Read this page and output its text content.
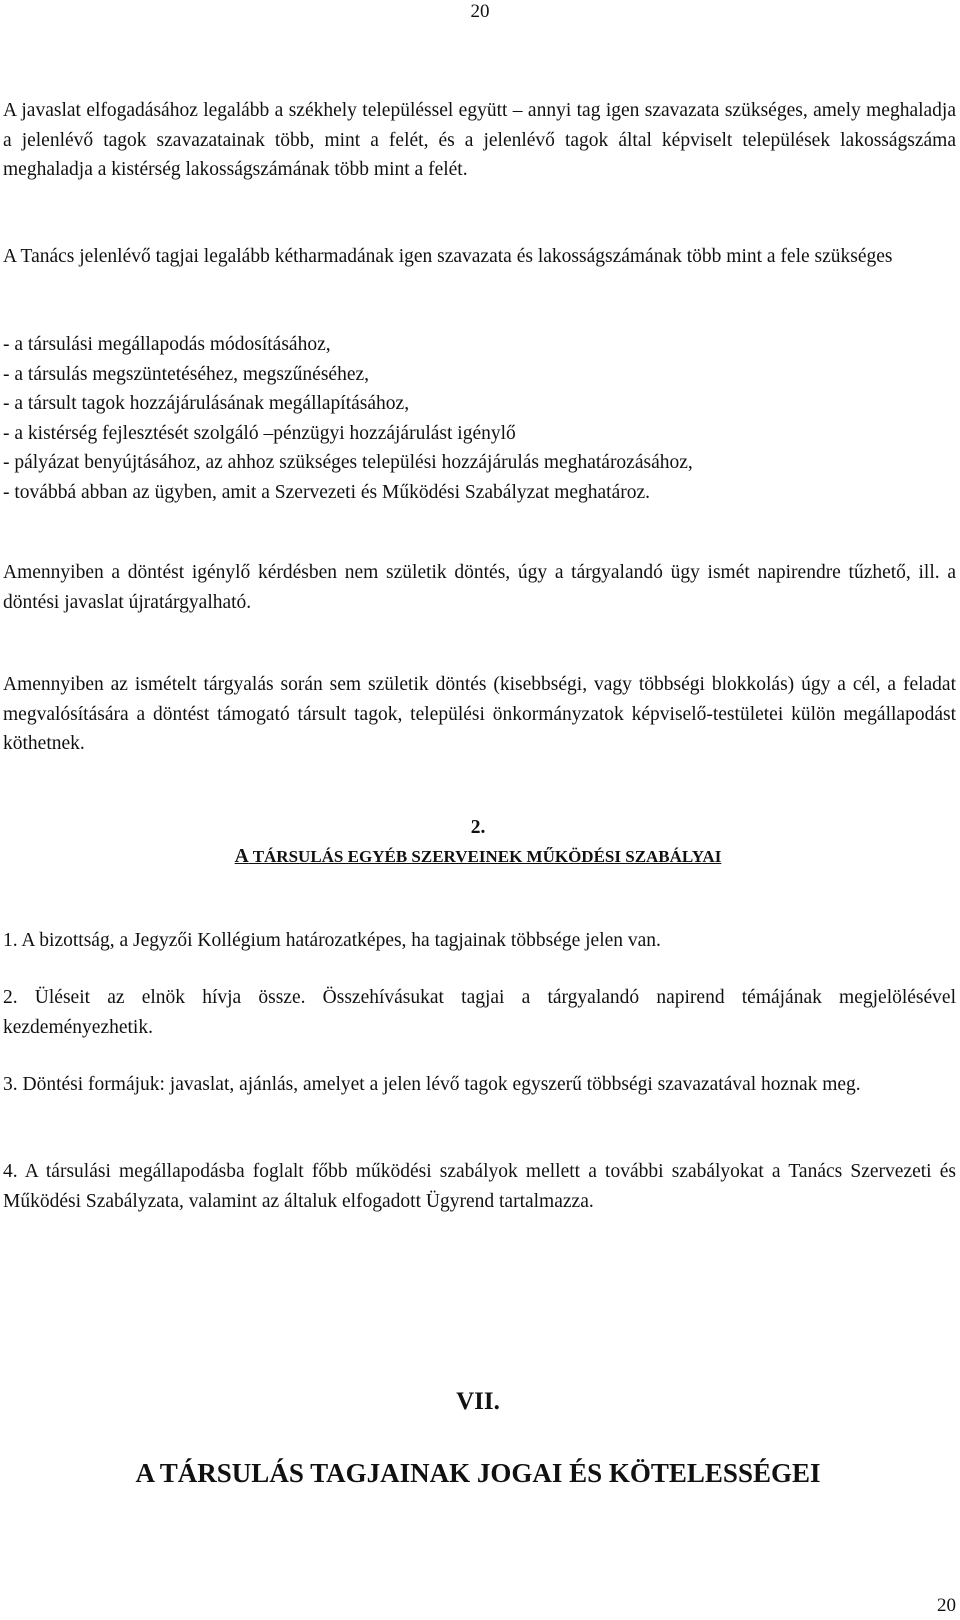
20

A javaslat elfogadásához legalább a székhely településsel együtt – annyi tag igen szavazata szükséges, amely meghaladja a jelenlévő tagok szavazatainak több, mint a felét, és a jelenlévő tagok által képviselt települések lakosságszáma meghaladja a kistérség lakosságszámának több mint a felét.

A Tanács jelenlévő tagjai legalább kétharmadának igen szavazata és lakosságszámának több mint a fele szükséges

- a társulási megállapodás módosításához,
- a társulás megszüntetéséhez, megszűnéséhez,
- a társult tagok hozzájárulásának megállapításához,
- a kistérség fejlesztését szolgáló –pénzügyi hozzájárulást igénylő
- pályázat benyújtásához, az ahhoz szükséges települési hozzájárulás meghatározásához,
- továbbá abban az ügyben, amit a Szervezeti és Működési Szabályzat meghatároz.

Amennyiben a döntést igénylő kérdésben nem születik döntés, úgy a tárgyalandó ügy ismét napirendre tűzhető, ill. a döntési javaslat újratárgyalható.

Amennyiben az ismételt tárgyalás során sem születik döntés (kisebbségi, vagy többségi blokkolás) úgy a cél, a feladat megvalósítására a döntést támogató társult tagok, települési önkormányzatok képviselő-testületei külön megállapodást köthetnek.

2.
A TÁRSULÁS EGYÉB SZERVEINEK MŰKÖDÉSI SZABÁLYAI

1. A bizottság, a Jegyzői Kollégium határozatképes, ha tagjainak többsége jelen van.

2. Üléseit az elnök hívja össze. Összehívásukat tagjai a tárgyalandó napirend témájának megjelölésével kezdeményezhetik.

3. Döntési formájuk: javaslat, ajánlás, amelyet a jelen lévő tagok egyszerű többségi szavazatával hoznak meg.

4. A társulási megállapodásba foglalt főbb működési szabályok mellett a további szabályokat a Tanács Szervezeti és Működési Szabályzata, valamint az általuk elfogadott Ügyrend tartalmazza.

VII.
A TÁRSULÁS TAGJAINAK JOGAI ÉS KÖTELESSÉGEI
20
